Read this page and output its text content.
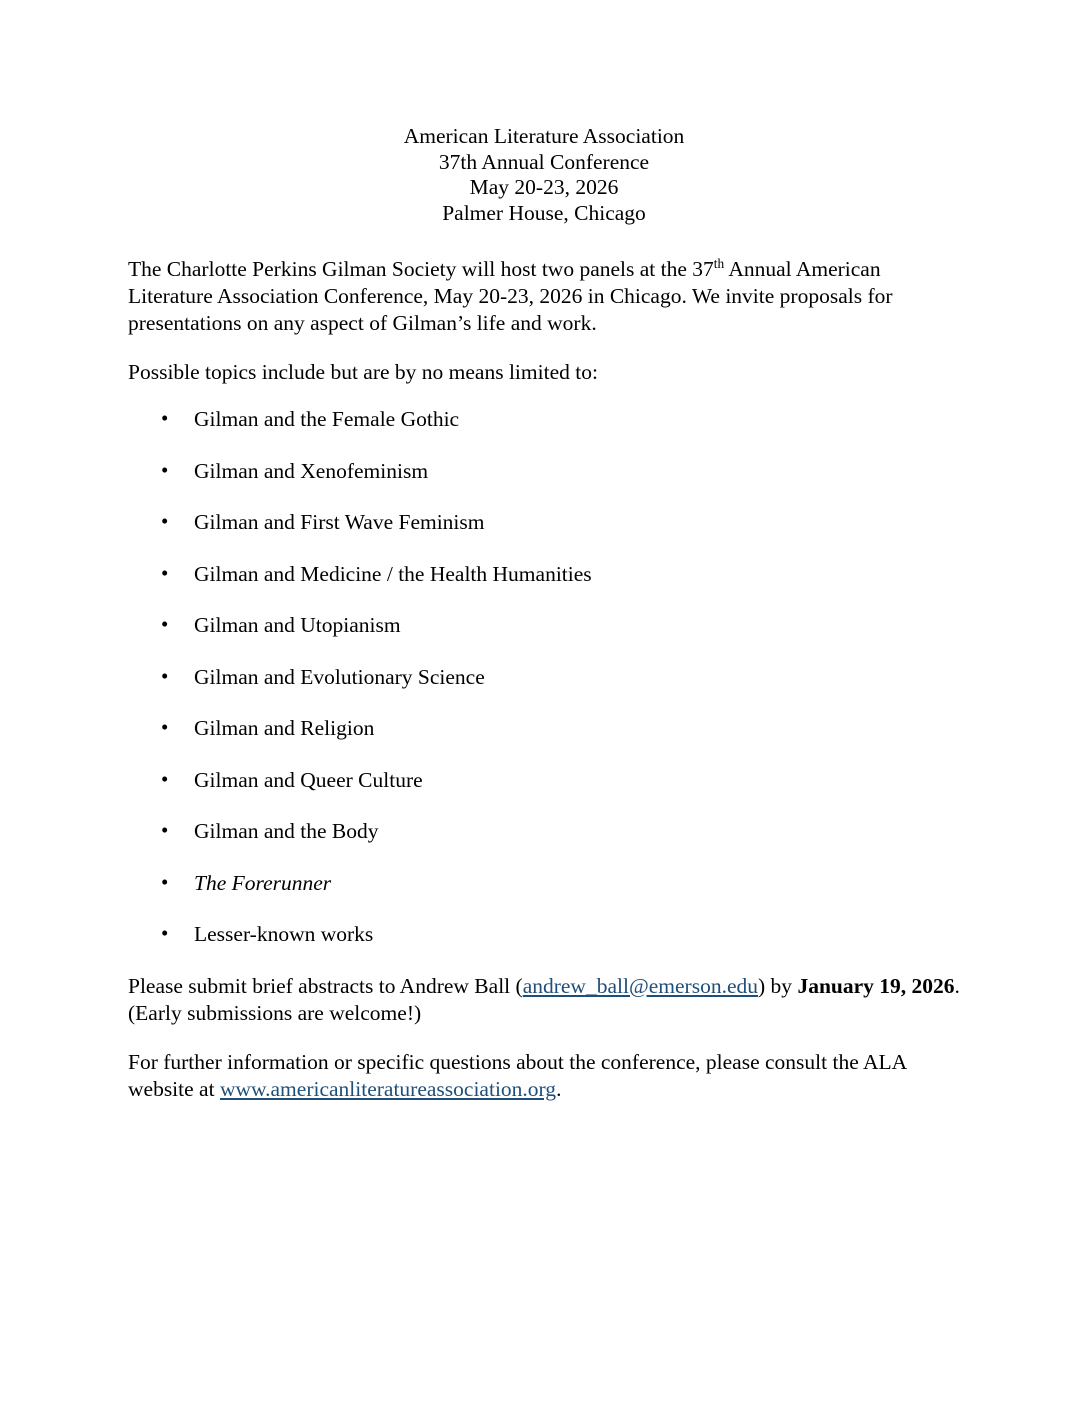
American Literature Association
37th Annual Conference
May 20-23, 2026
Palmer House, Chicago

The Charlotte Perkins Gilman Society will host two panels at the 37th Annual American Literature Association Conference, May 20-23, 2026 in Chicago. We invite proposals for presentations on any aspect of Gilman’s life and work.

Possible topics include but are by no means limited to:

• Gilman and the Female Gothic
• Gilman and Xenofeminism
• Gilman and First Wave Feminism
• Gilman and Medicine / the Health Humanities
• Gilman and Utopianism
• Gilman and Evolutionary Science
• Gilman and Religion
• Gilman and Queer Culture
• Gilman and the Body
• The Forerunner
• Lesser-known works

Please submit brief abstracts to Andrew Ball (andrew_ball@emerson.edu) by January 19, 2026. (Early submissions are welcome!)

For further information or specific questions about the conference, please consult the ALA website at www.americanliteratureassociation.org.
